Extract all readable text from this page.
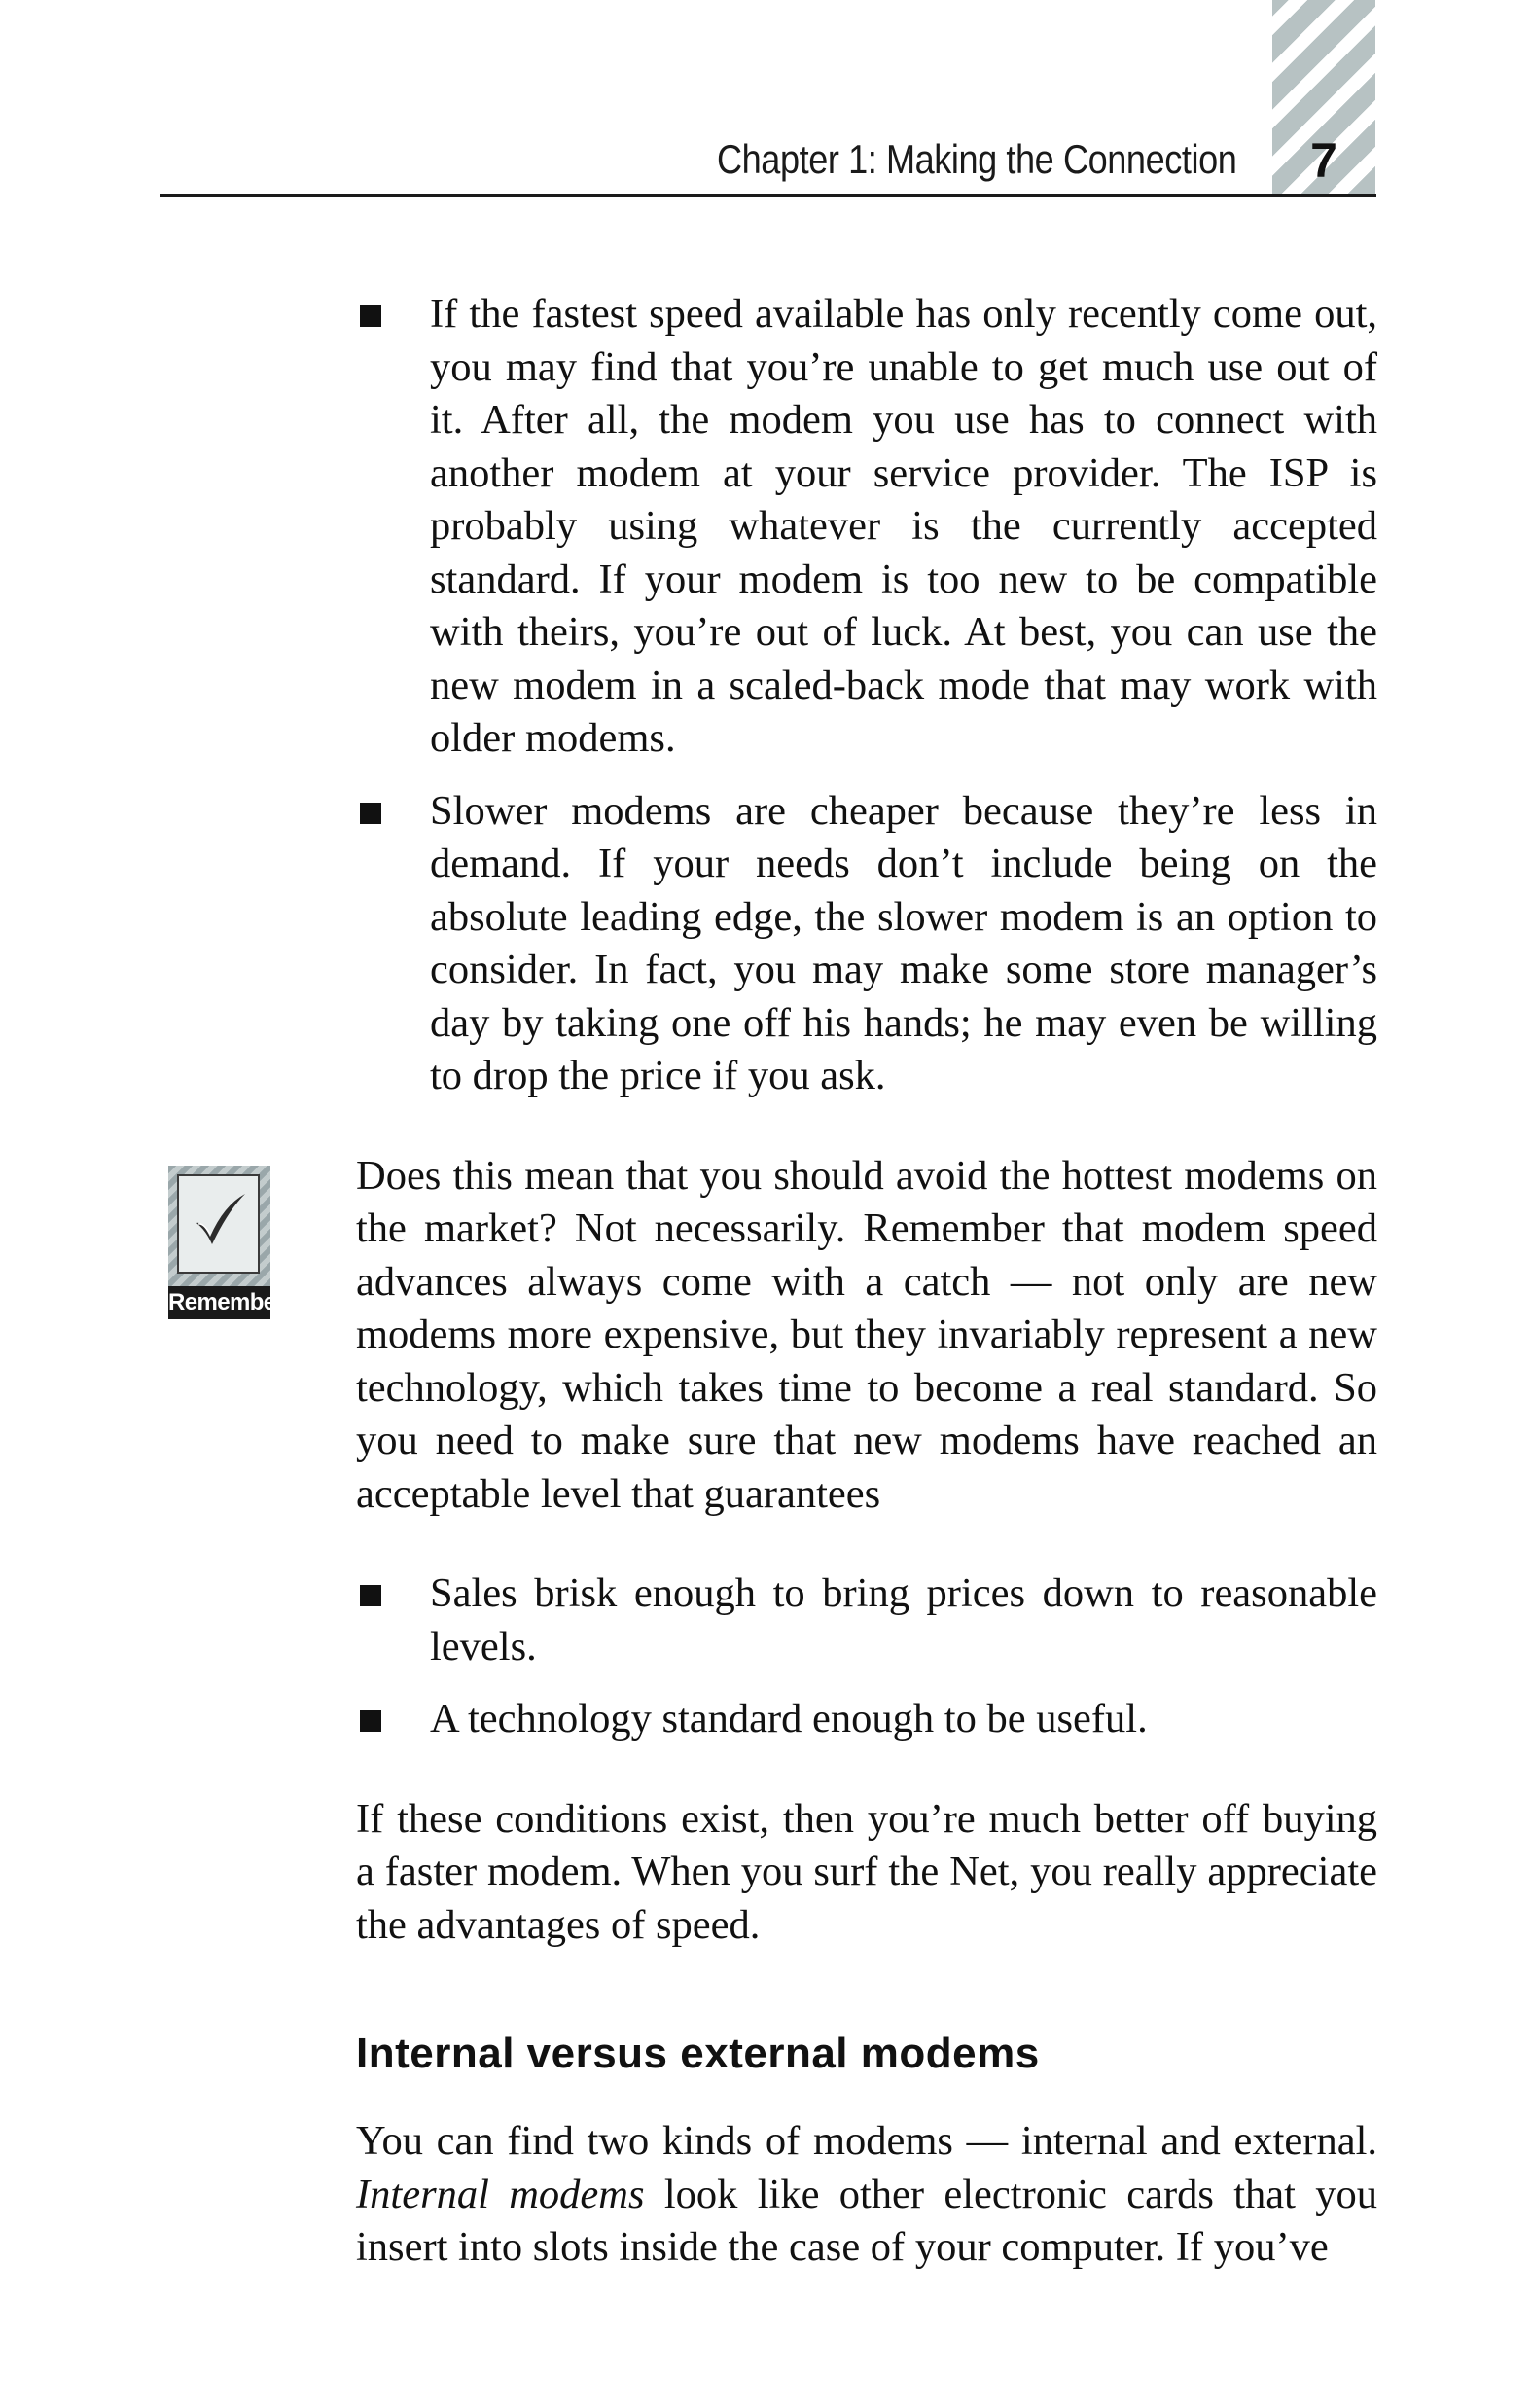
Chapter 1: Making the Connection	7
Remember
If the fastest speed available has only recently come out, you may find that you’re unable to get much use out of it. After all, the modem you use has to connect with another modem at your service provider. The ISP is probably using whatever is the currently accepted standard. If your modem is too new to be compatible with theirs, you’re out of luck. At best, you can use the new modem in a scaled-back mode that may work with older modems.
Slower modems are cheaper because they’re less in demand. If your needs don’t include being on the absolute leading edge, the slower modem is an option to consider. In fact, you may make some store manager’s day by taking one off his hands; he may even be willing to drop the price if you ask.

Does this mean that you should avoid the hottest modems on the market? Not necessarily. Remember that modem speed advances always come with a catch — not only are new modems more expensive, but they invariably represent a new technology, which takes time to become a real standard. So you need to make sure that new modems have reached an acceptable level that guarantees

Sales brisk enough to bring prices down to reasonable levels.
A technology standard enough to be useful.

If these conditions exist, then you’re much better off buying a faster modem. When you surf the Net, you really appreciate the advantages of speed.

Internal versus external modems

You can find two kinds of modems — internal and external. Internal modems look like other electronic cards that you insert into slots inside the case of your computer. If you’ve
